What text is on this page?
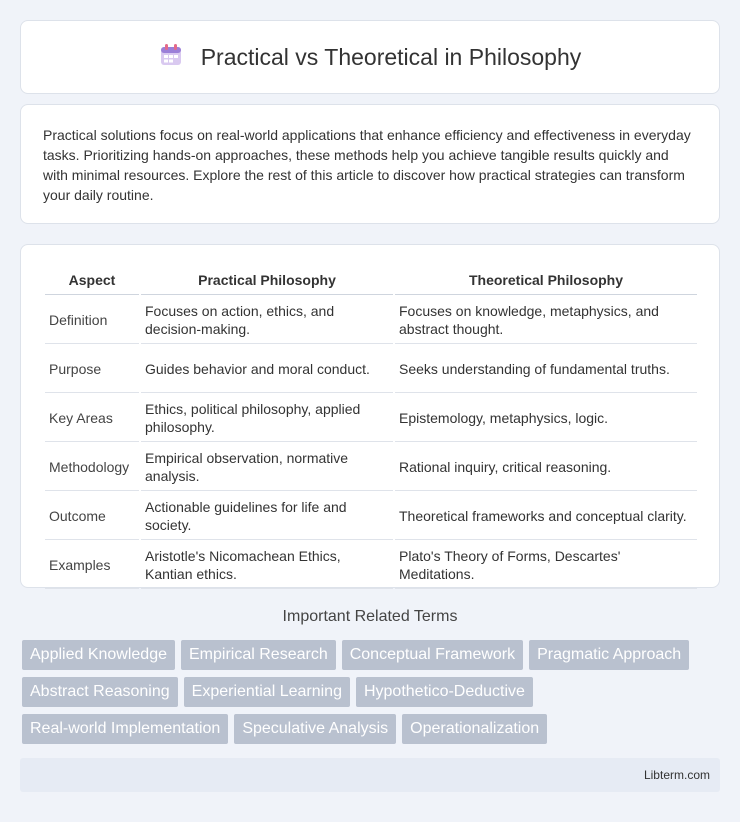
Practical vs Theoretical in Philosophy

Practical solutions focus on real-world applications that enhance efficiency and effectiveness in everyday tasks. Prioritizing hands-on approaches, these methods help you achieve tangible results quickly and with minimal resources. Explore the rest of this article to discover how practical strategies can transform your daily routine.

Aspect	Practical Philosophy	Theoretical Philosophy
Definition	Focuses on action, ethics, and decision-making.	Focuses on knowledge, metaphysics, and abstract thought.
Purpose	Guides behavior and moral conduct.	Seeks understanding of fundamental truths.
Key Areas	Ethics, political philosophy, applied philosophy.	Epistemology, metaphysics, logic.
Methodology	Empirical observation, normative analysis.	Rational inquiry, critical reasoning.
Outcome	Actionable guidelines for life and society.	Theoretical frameworks and conceptual clarity.
Examples	Aristotle's Nicomachean Ethics, Kantian ethics.	Plato's Theory of Forms, Descartes' Meditations.
Important Related Terms
Applied Knowledge	Empirical Research	Conceptual Framework	Pragmatic Approach
Abstract Reasoning	Experiential Learning	Hypothetico-Deductive
Real-world Implementation	Speculative Analysis	Operationalization
Libterm.com
